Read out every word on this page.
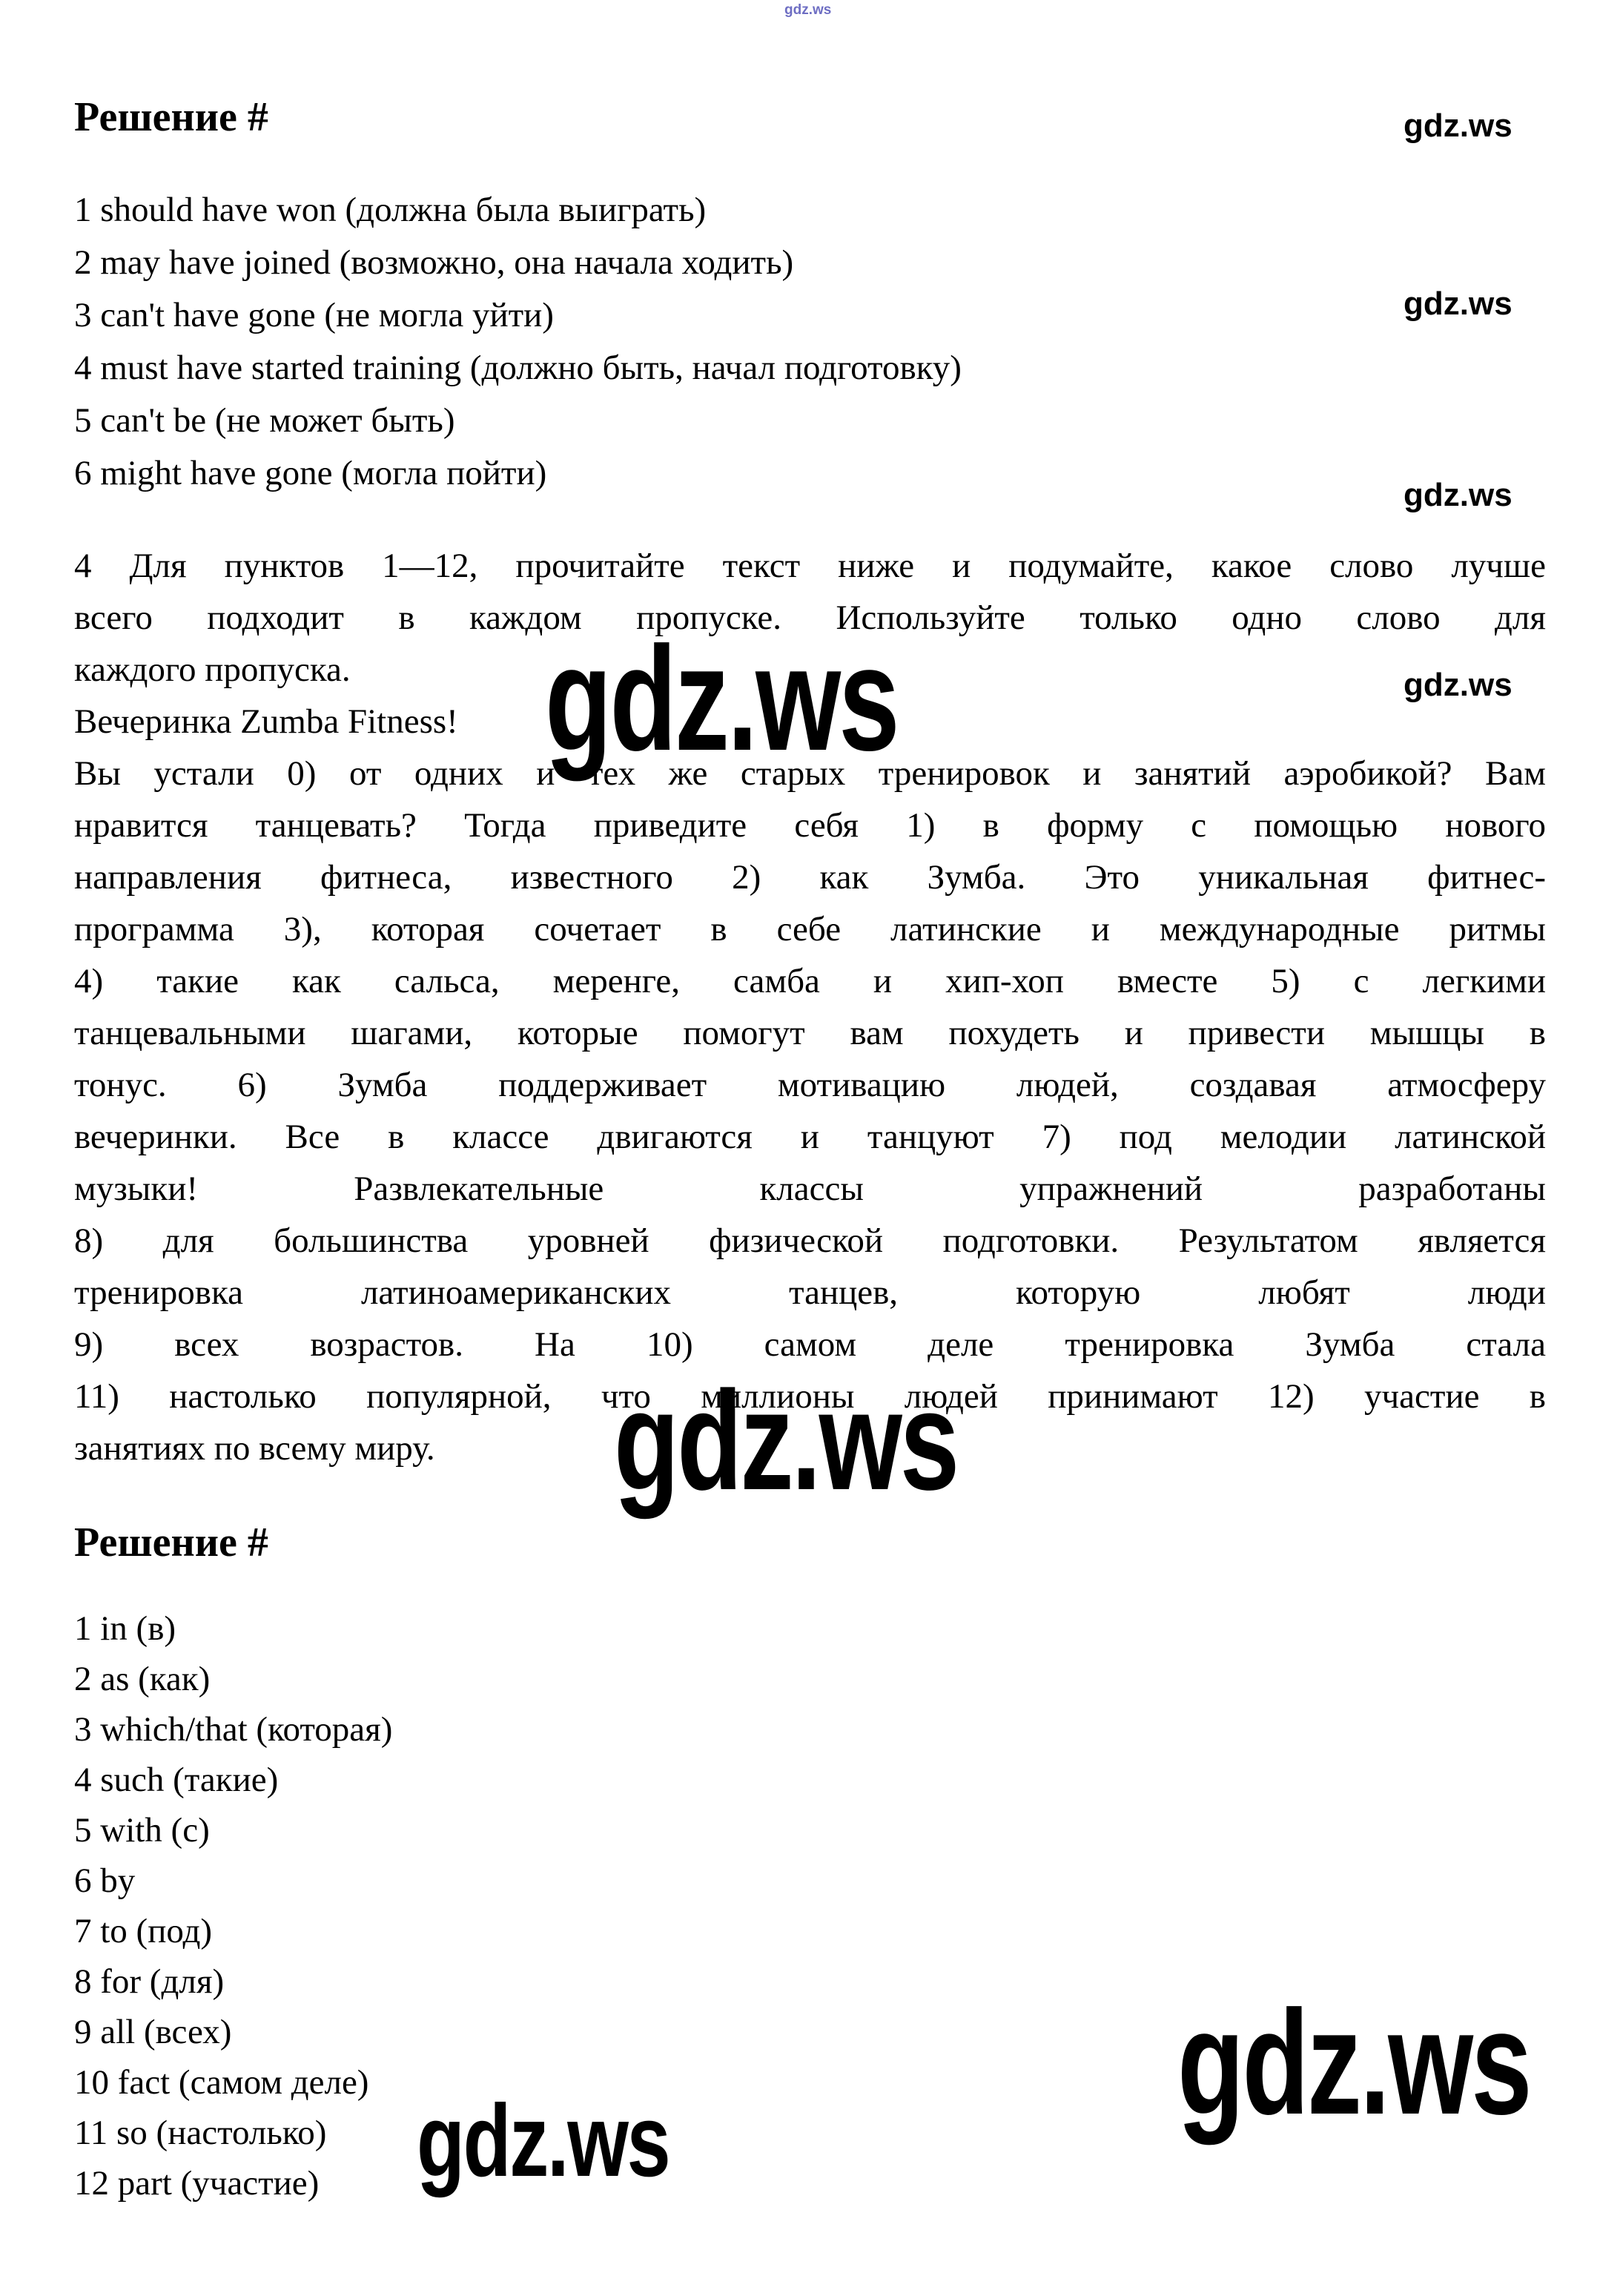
gdz.ws
gdz.ws
gdz.ws
gdz.ws
gdz.ws
gdz.ws
gdz.ws
gdz.ws	gdz.ws
Решение #
1 should have won (должна была выиграть)
2 may have joined (возможно, она начала ходить)
3 can't have gone (не могла уйти)
4 must have started training (должно быть, начал подготовку)
5 can't be (не может быть)
6 might have gone (могла пойти)
4 Для пунктов 1—12, прочитайте текст ниже и подумайте, какое слово лучше
всего подходит в каждом пропуске. Используйте только одно слово для
каждого пропуска.
Вечеринка Zumba Fitness!
Вы устали 0) от одних и тех же старых тренировок и занятий аэробикой? Вам
нравится танцевать? Тогда приведите себя 1) в форму с помощью нового
направления фитнеса, известного 2) как Зумба. Это уникальная фитнес-
программа 3), которая сочетает в себе латинские и международные ритмы
4) такие как сальса, меренге, самба и хип-хоп вместе 5) с легкими
танцевальными шагами, которые помогут вам похудеть и привести мышцы в
тонус. 6) Зумба поддерживает мотивацию людей, создавая атмосферу
вечеринки. Все в классе двигаются и танцуют 7) под мелодии латинской
музыки! Развлекательные классы упражнений разработаны
8) для большинства уровней физической подготовки. Результатом является
тренировка латиноамериканских танцев, которую любят люди
9) всех возрастов. На 10) самом деле тренировка Зумба стала
11) настолько популярной, что миллионы людей принимают 12) участие в
занятиях по всему миру.
Решение #
1 in (в)
2 as (как)
3 which/that (которая)
4 such (такие)
5 with (с)
6 by
7 to (под)
8 for (для)
9 all (всех)
10 fact (самом деле)
11 so (настолько)
12 part (участие)
